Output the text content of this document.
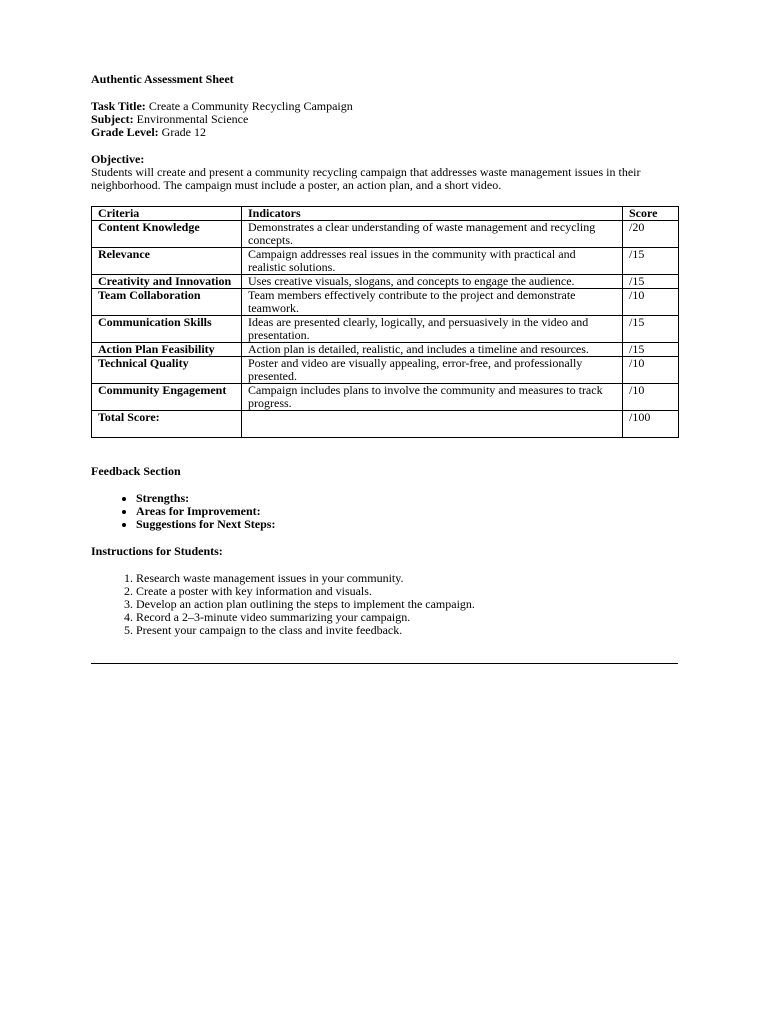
Authentic Assessment Sheet

Task Title: Create a Community Recycling Campaign

Subject: Environmental Science

Grade Level: Grade 12

Objective:

Students will create and present a community recycling campaign that addresses waste management issues in their neighborhood. The campaign must include a poster, an action plan, and a short video.

Criteria	Indicators	Score
Content Knowledge	Demonstrates a clear understanding of waste management and recycling concepts.	/20
Relevance	Campaign addresses real issues in the community with practical and realistic solutions.	/15
Creativity and Innovation	Uses creative visuals, slogans, and concepts to engage the audience.	/15
Team Collaboration	Team members effectively contribute to the project and demonstrate teamwork.	/10
Communication Skills	Ideas are presented clearly, logically, and persuasively in the video and presentation.	/15
Action Plan Feasibility	Action plan is detailed, realistic, and includes a timeline and resources.	/15
Technical Quality	Poster and video are visually appealing, error-free, and professionally presented.	/10
Community Engagement	Campaign includes plans to involve the community and measures to track progress.	/10
Total Score:		/100

Feedback Section

• Strengths:
• Areas for Improvement:
• Suggestions for Next Steps:

Instructions for Students:

1. Research waste management issues in your community.
2. Create a poster with key information and visuals.
3. Develop an action plan outlining the steps to implement the campaign.
4. Record a 2–3-minute video summarizing your campaign.
5. Present your campaign to the class and invite feedback.
